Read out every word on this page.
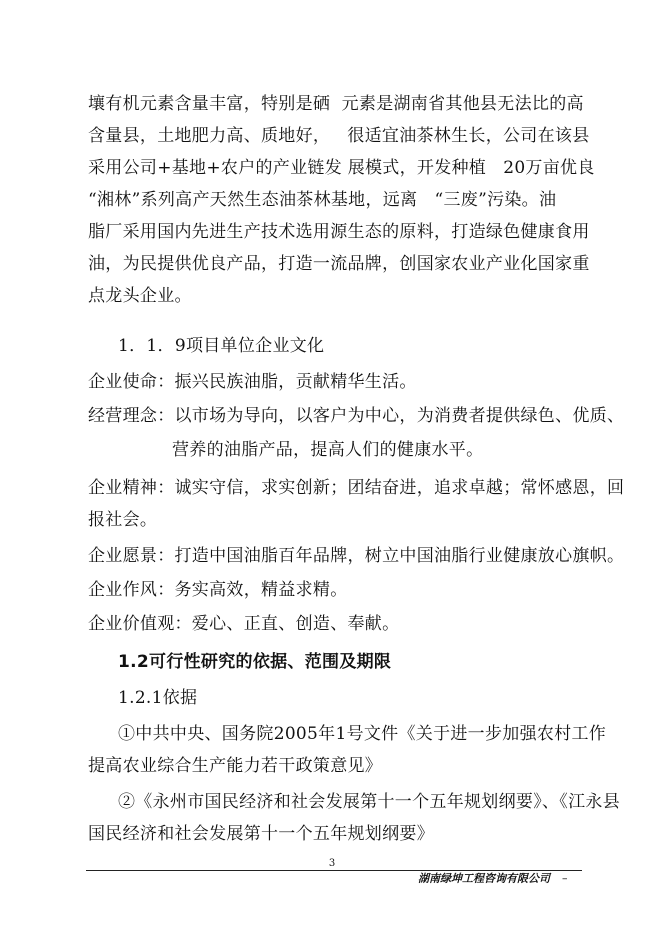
壤有机元素含量丰富，特别是硒  元素是湖南省其他县无法比的高
含量县，土地肥力高、质地好，   很适宜油茶林生长，公司在该县
采用公司+基地+农户的产业链发 展模式，开发种植   20万亩优良
“湘林”系列高产天然生态油茶林基地，远离   “三废”污染。油
脂厂采用国内先进生产技术选用源生态的原料，打造绿色健康食用
油，为民提供优良产品，打造一流品牌，创国家农业产业化国家重
点龙头企业。
1．1．9项目单位企业文化
企业使命：振兴民族油脂，贡献精华生活。
经营理念：以市场为导向，以客户为中心，为消费者提供绿色、优质、
营养的油脂产品，提高人们的健康水平。
企业精神：诚实守信，求实创新；团结奋进，追求卓越；常怀感恩，回
报社会。
企业愿景：打造中国油脂百年品牌，树立中国油脂行业健康放心旗帜。
企业作风：务实高效，精益求精。
企业价值观：爱心、正直、创造、奉献。
1.2可行性研究的依据、范围及期限
1.2.1依据
①中共中央、国务院2005年1号文件《关于进一步加强农村工作
提高农业综合生产能力若干政策意见》
②《永州市国民经济和社会发展第十一个五年规划纲要》、《江永县
国民经济和社会发展第十一个五年规划纲要》
3
湖南绿坤工程咨询有限公司 –
